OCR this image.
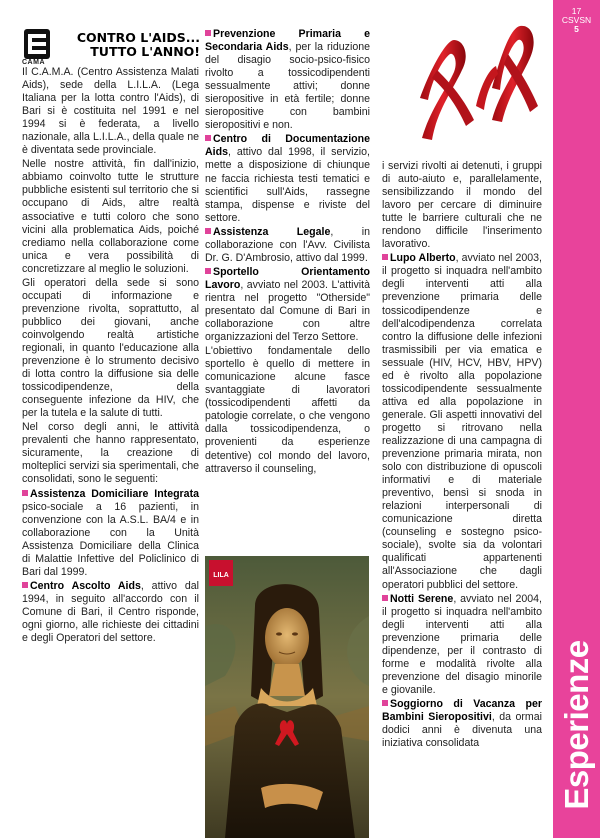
CAMA
CONTRO L'AIDS...
TUTTO L'ANNO!

Il C.A.M.A. (Centro Assistenza Malati Aids), sede della L.I.L.A. (Lega Italiana per la lotta contro l'Aids), di Bari si è costituita nel 1991 e nel 1994 si è federata, a livello nazionale, alla L.I.L.A., della quale ne è diventata sede provinciale.

Nelle nostre attività, fin dall'inizio, abbiamo coinvolto tutte le strutture pubbliche esistenti sul territorio che si occupano di Aids, altre realtà associative e tutti coloro che sono vicini alla problematica Aids, poiché crediamo nella collaborazione come unica e vera possibilità di concretizzare al meglio le soluzioni.

Gli operatori della sede si sono occupati di informazione e prevenzione rivolta, soprattutto, al pubblico dei giovani, anche coinvolgendo realtà artistiche regionali, in quanto l'educazione alla prevenzione è lo strumento decisivo di lotta contro la diffusione sia delle tossicodipendenze, della conseguente infezione da HIV, che per la tutela e la salute di tutti.

Nel corso degli anni, le attività prevalenti che hanno rappresentato, sicuramente, la creazione di molteplici servizi sia sperimentali, che consolidati, sono le seguenti:

Assistenza Domiciliare Integrata psico-sociale a 16 pazienti, in convenzione con la A.S.L. BA/4 e in collaborazione con la Unità Assistenza Domiciliare della Clinica di Malattie Infettive del Policlinico di Bari dal 1999.

Centro Ascolto Aids, attivo dal 1994, in seguito all'accordo con il Comune di Bari, il Centro risponde, ogni giorno, alle richieste dei cittadini e degli Operatori del settore.

Prevenzione Primaria e Secondaria Aids, per la riduzione del disagio socio-psico-fisico rivolto a tossicodipendenti sessualmente attivi; donne sieropositive in età fertile; donne sieropositive con bambini sieropositivi e non.

Centro di Documentazione Aids, attivo dal 1998, il servizio, mette a disposizione di chiunque ne faccia richiesta testi tematici e scientifici sull'Aids, rassegne stampa, dispense e riviste del settore.

Assistenza Legale, in collaborazione con l'Avv. Civilista Dr. G. D'Ambrosio, attivo dal 1999.

Sportello Orientamento Lavoro, avviato nel 2003. L'attività rientra nel progetto "Otherside" presentato dal Comune di Bari in collaborazione con altre organizzazioni del Terzo Settore.

L'obiettivo fondamentale dello sportello è quello di mettere in comunicazione alcune fasce svantaggiate di lavoratori (tossicodipendenti affetti da patologie correlate, o che vengono dalla tossicodipendenza, o provenienti da esperienze detentive) col mondo del lavoro, attraverso il counseling,

LILA

i servizi rivolti ai detenuti, i gruppi di auto-aiuto e, parallelamente, sensibilizzando il mondo del lavoro per cercare di diminuire tutte le barriere culturali che ne rendono difficile l'inserimento lavorativo.

Lupo Alberto, avviato nel 2003, il progetto si inquadra nell'ambito degli interventi atti alla prevenzione primaria delle tossicodipendenze e dell'alcodipendenza correlata contro la diffusione delle infezioni trasmissibili per via ematica e sessuale (HIV, HCV, HBV, HPV) ed è rivolto alla popolazione tossicodipendente sessualmente attiva ed alla popolazione in generale. Gli aspetti innovativi del progetto si ritrovano nella realizzazione di una campagna di prevenzione primaria mirata, non solo con distribuzione di opuscoli informativi e di materiale preventivo, bensì si snoda in relazioni interpersonali di comunicazione diretta (counseling e sostegno psico-sociale), svolte sia da volontari qualificati appartenenti all'Associazione che dagli operatori pubblici del settore.

Notti Serene, avviato nel 2004, il progetto si inquadra nell'ambito degli interventi atti alla prevenzione primaria delle dipendenze, per il contrasto di forme e modalità rivolte alla prevenzione del disagio minorile e giovanile.

Soggiorno di Vacanza per Bambini Sieropositivi, da ormai dodici anni è divenuta una iniziativa consolidata

17
CSVSN
5
Esperienze
